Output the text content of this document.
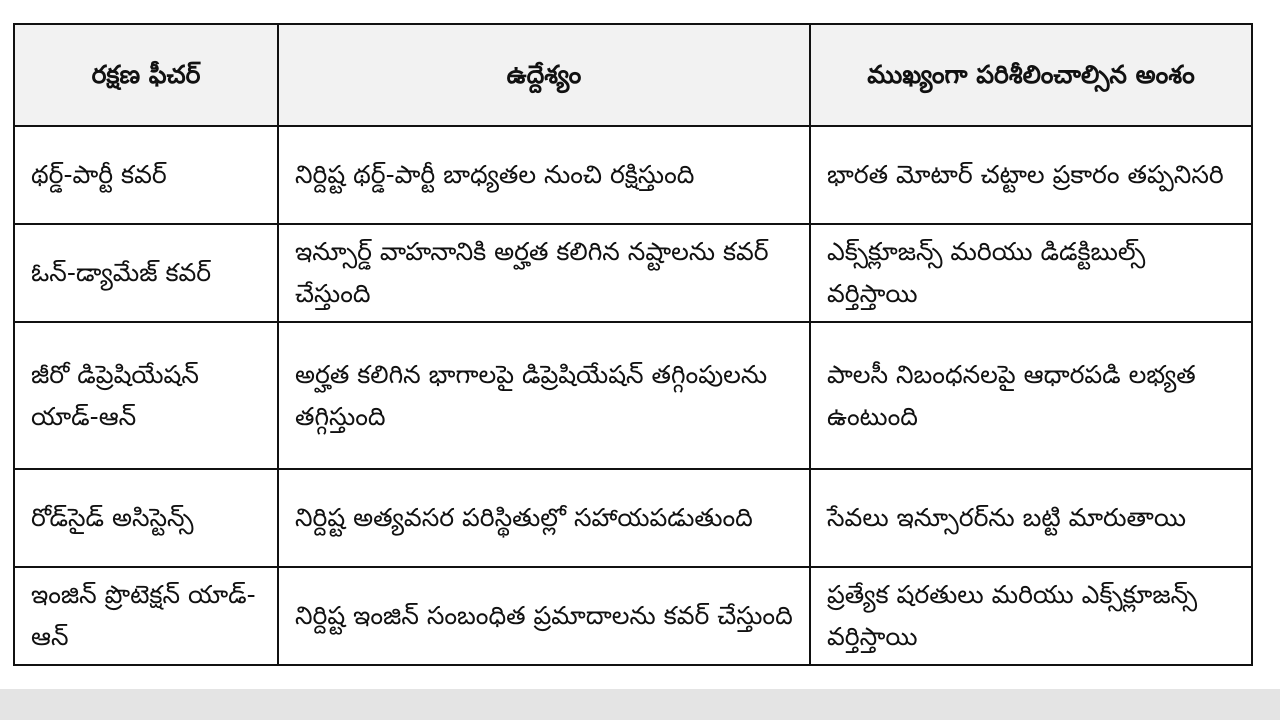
రక్షణ ఫీచర్	ఉద్దేశ్యం	ముఖ్యంగా పరిశీలించాల్సిన అంశం
థర్డ్-పార్టీ కవర్	నిర్దిష్ట థర్డ్-పార్టీ బాధ్యతల నుంచి రక్షిస్తుంది	భారత మోటార్ చట్టాల ప్రకారం తప్పనిసరి
ఓన్-డ్యామేజ్ కవర్	ఇన్సూర్డ్ వాహనానికి అర్హత కలిగిన నష్టాలను కవర్ చేస్తుంది	ఎక్స్‌క్లూజన్స్ మరియు డిడక్టిబుల్స్ వర్తిస్తాయి
జీరో డిప్రెషియేషన్ యాడ్-ఆన్	అర్హత కలిగిన భాగాలపై డిప్రెషియేషన్ తగ్గింపులను తగ్గిస్తుంది	పాలసీ నిబంధనలపై ఆధారపడి లభ్యత ఉంటుంది
రోడ్‌సైడ్ అసిస్టెన్స్	నిర్దిష్ట అత్యవసర పరిస్థితుల్లో సహాయపడుతుంది	సేవలు ఇన్సూరర్‌ను బట్టి మారుతాయి
ఇంజిన్ ప్రొటెక్షన్ యాడ్-ఆన్	నిర్దిష్ట ఇంజిన్ సంబంధిత ప్రమాదాలను కవర్ చేస్తుంది	ప్రత్యేక షరతులు మరియు ఎక్స్‌క్లూజన్స్ వర్తిస్తాయి
